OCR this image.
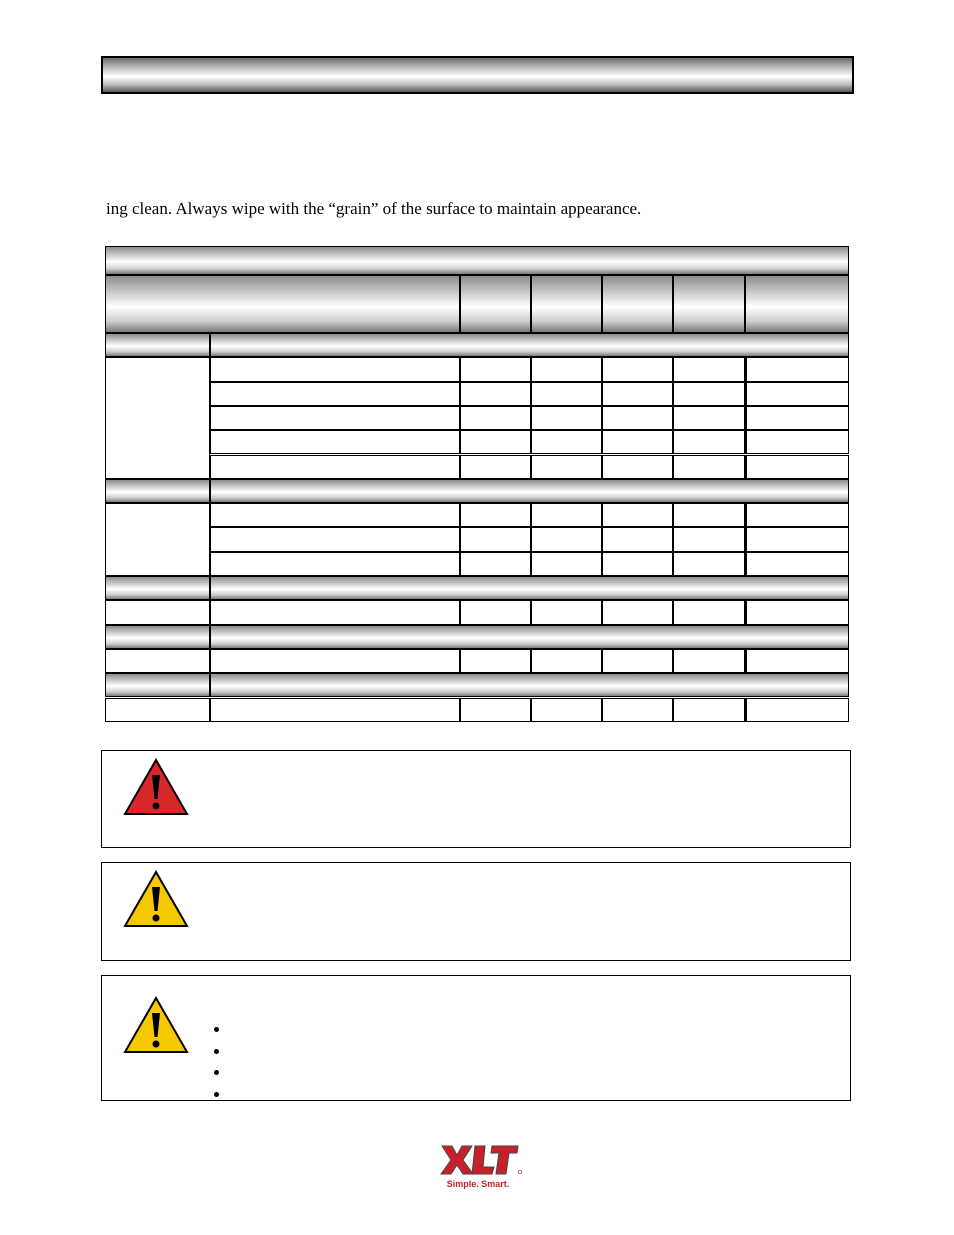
ing clean. Always wipe with the “grain” of the surface to maintain appearance.
Simple. Smart.
